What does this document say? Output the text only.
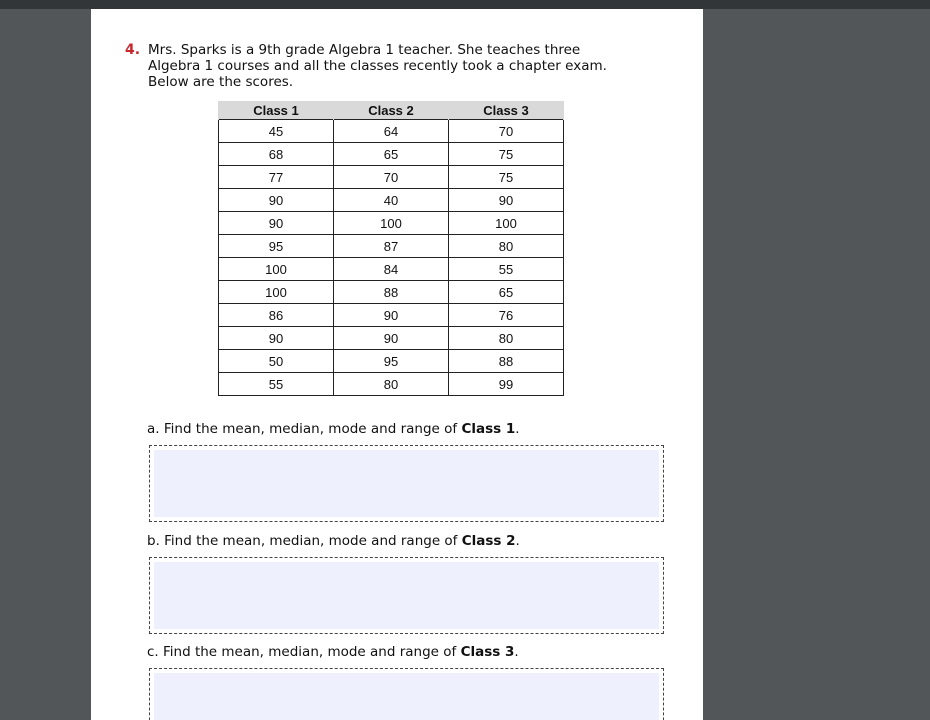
4. Mrs. Sparks is a 9th grade Algebra 1 teacher. She teaches three
Algebra 1 courses and all the classes recently took a chapter exam.
Below are the scores.
Class 1	Class 2	Class 3
45	64	70
68	65	75
77	70	75
90	40	90
90	100	100
95	87	80
100	84	55
100	88	65
86	90	76
90	90	80
50	95	88
55	80	99
a. Find the mean, median, mode and range of Class 1.
b. Find the mean, median, mode and range of Class 2.
c. Find the mean, median, mode and range of Class 3.
